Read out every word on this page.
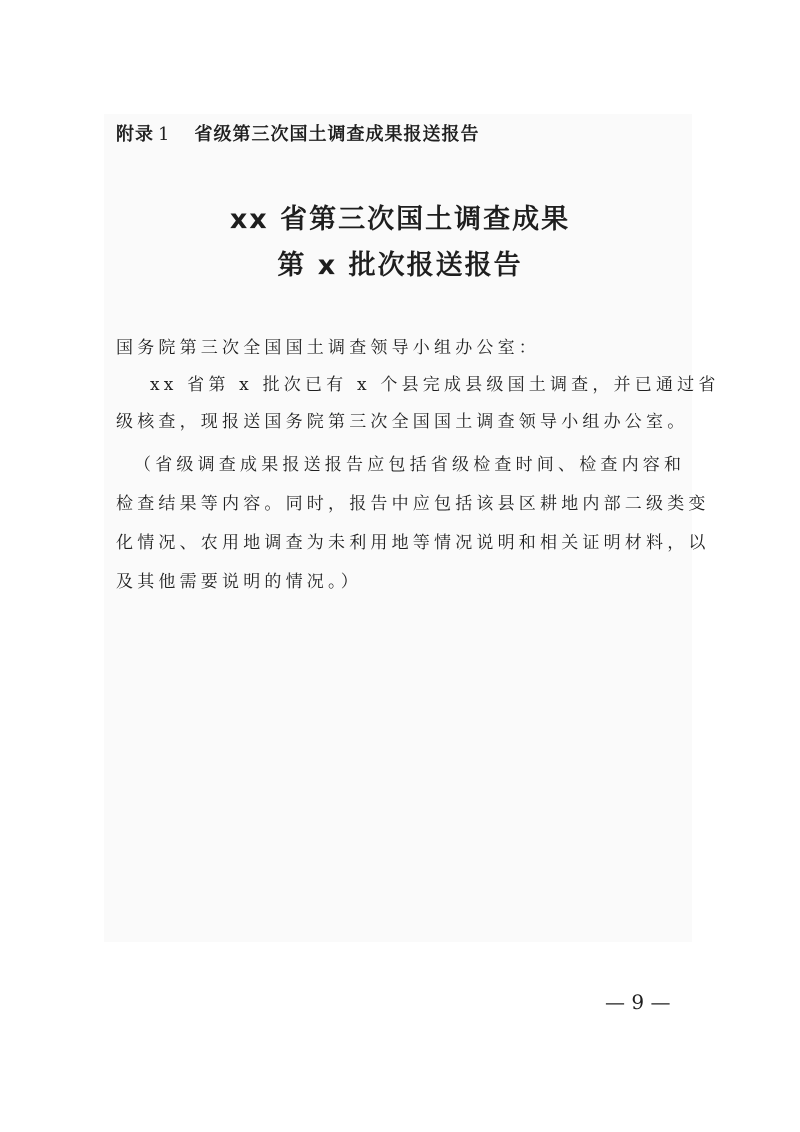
附录 1 省级第三次国土调查成果报送报告
xx 省第三次国土调查成果
第 x 批次报送报告
国务院第三次全国国土调查领导小组办公室：
xx 省第 x 批次已有 x 个县完成县级国土调查，并已通过省
级核查，现报送国务院第三次全国国土调查领导小组办公室。
（省级调查成果报送报告应包括省级检查时间、检查内容和
检查结果等内容。同时，报告中应包括该县区耕地内部二级类变
化情况、农用地调查为未利用地等情况说明和相关证明材料，以
及其他需要说明的情况。）
— 9 —
